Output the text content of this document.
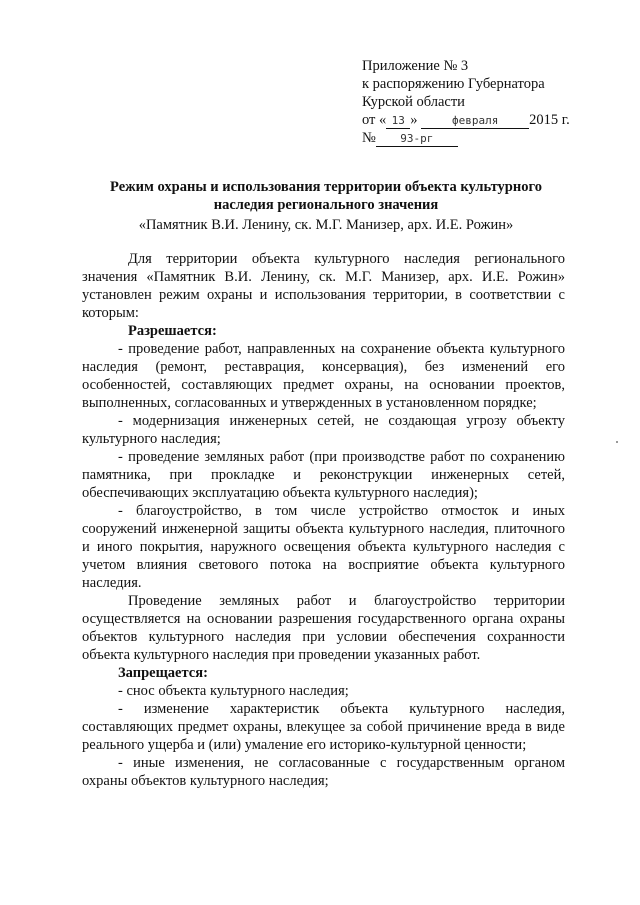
Приложение № 3
к распоряжению Губернатора
Курской области
от « 13 »	февраля 2015 г.
№ 93-рг
Режим охраны и использования территории объекта культурного
наследия регионального значения
«Памятник В.И. Ленину, ск. М.Г. Манизер, арх. И.Е. Рожин»

Для территории объекта культурного наследия регионального значения «Памятник В.И. Ленину, ск. М.Г. Манизер, арх. И.Е. Рожин» установлен режим охраны и использования территории, в соответствии с которым:

Разрешается:

- проведение работ, направленных на сохранение объекта культурного наследия (ремонт, реставрация, консервация), без изменений его особенностей, составляющих предмет охраны, на основании проектов, выполненных, согласованных и утвержденных в установленном порядке;

- модернизация инженерных сетей, не создающая угрозу объекту культурного наследия;

- проведение земляных работ (при производстве работ по сохранению памятника, при прокладке и реконструкции инженерных сетей, обеспечивающих эксплуатацию объекта культурного наследия);

- благоустройство, в том числе устройство отмосток и иных сооружений инженерной защиты объекта культурного наследия, плиточного и иного покрытия, наружного освещения объекта культурного наследия с учетом влияния светового потока на восприятие объекта культурного наследия.

Проведение земляных работ и благоустройство территории осуществляется на основании разрешения государственного органа охраны объектов культурного наследия при условии обеспечения сохранности объекта культурного наследия при проведении указанных работ.

Запрещается:

- снос объекта культурного наследия;

- изменение характеристик объекта культурного наследия, составляющих предмет охраны, влекущее за собой причинение вреда в виде реального ущерба и (или) умаление его историко-культурной ценности;

- иные изменения, не согласованные с государственным органом охраны объектов культурного наследия;
